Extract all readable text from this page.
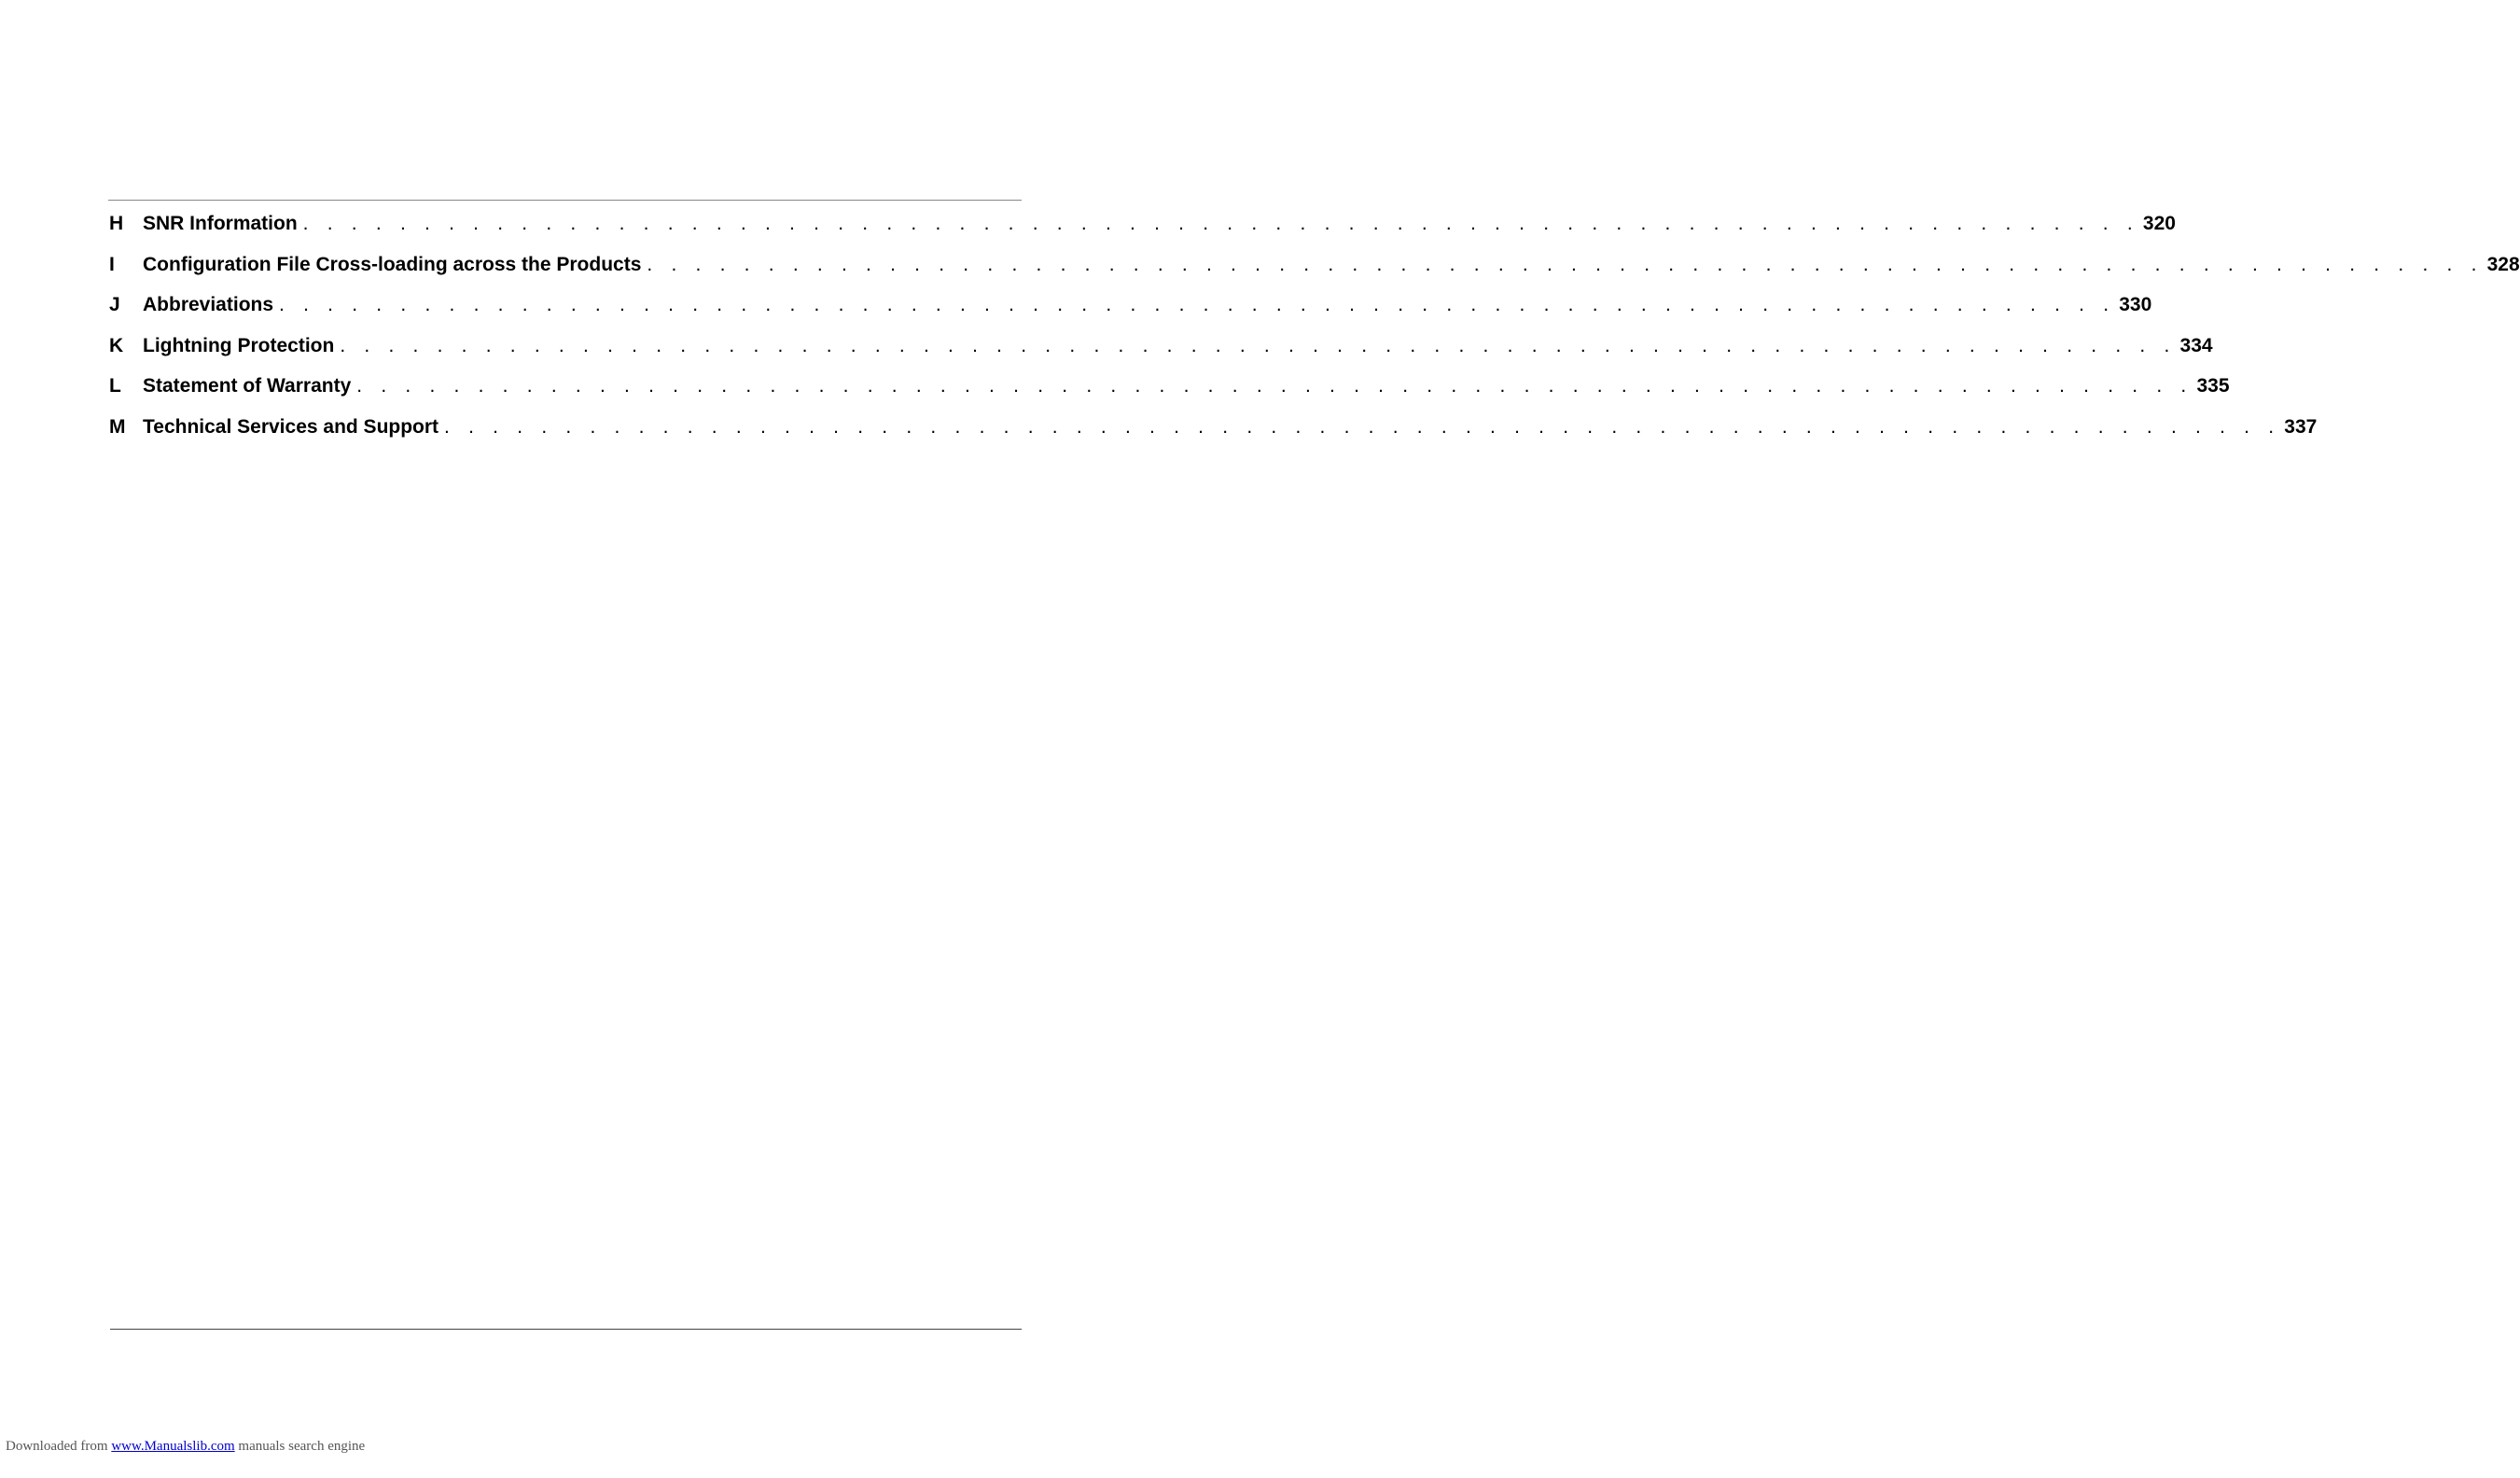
H SNR Information . . . . . . . . . . . . . . . . . . . . . . . . . . . . . . . . . . . . . . . . . . . . . . . . . . . . . . . . . . . . . . . . . . . . . . . . . . . . 320
I	Configuration File Cross-loading across the Products . . . . . . . . . . . . . . . . . . . . . . . . . . . . . . . . . . . . . . . . . . . . . . . . . . . . . . . . . . . . . . . . . . . . . . . . . . . . 328
J	Abbreviations . . . . . . . . . . . . . . . . . . . . . . . . . . . . . . . . . . . . . . . . . . . . . . . . . . . . . . . . . . . . . . . . . . . . . . . . . . . . 330
K Lightning Protection . . . . . . . . . . . . . . . . . . . . . . . . . . . . . . . . . . . . . . . . . . . . . . . . . . . . . . . . . . . . . . . . . . . . . . . . . . . . 334
L	Statement of Warranty . . . . . . . . . . . . . . . . . . . . . . . . . . . . . . . . . . . . . . . . . . . . . . . . . . . . . . . . . . . . . . . . . . . . . . . . . . . . 335
M Technical Services and Support . . . . . . . . . . . . . . . . . . . . . . . . . . . . . . . . . . . . . . . . . . . . . . . . . . . . . . . . . . . . . . . . . . . . . . . . . . . . 337
Downloaded from www.Manualslib.com manuals search engine
